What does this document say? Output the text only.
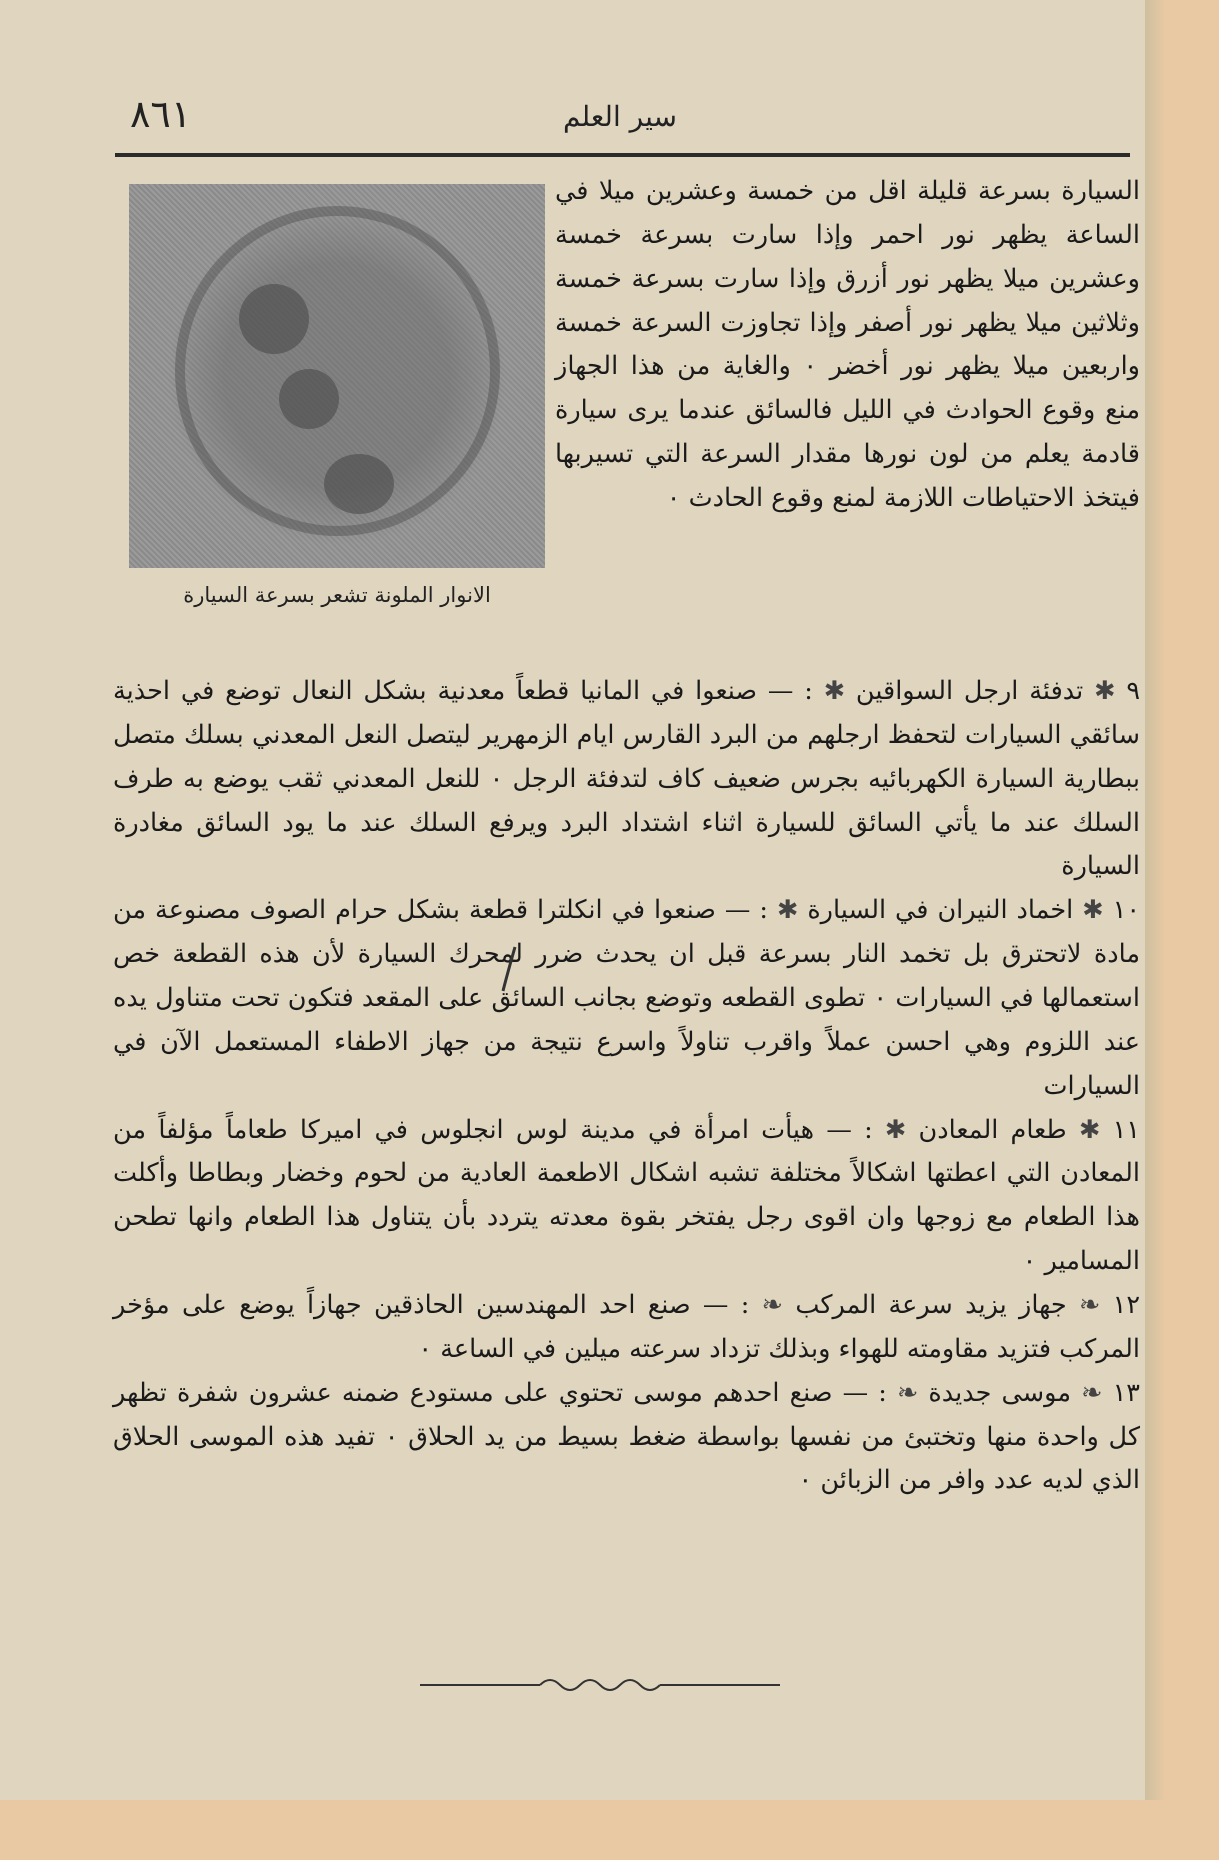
٨٦١	سير العلم
الانوار الملونة تشعر بسرعة السيارة

السيارة بسرعة قليلة اقل من خمسة وعشرين ميلا في الساعة يظهر نور احمر وإذا سارت بسرعة خمسة وعشرين ميلا يظهر نور أزرق وإذا سارت بسرعة خمسة وثلاثين ميلا يظهر نور أصفر وإذا تجاوزت السرعة خمسة واربعين ميلا يظهر نور أخضر ٠ والغاية من هذا الجهاز منع وقوع الحوادث في الليل فالسائق عندما يرى سيارة قادمة يعلم من لون نورها مقدار السرعة التي تسيربها فيتخذ الاحتياطات اللازمة لمنع وقوع الحادث ٠

٩ ✱ تدفئة ارجل السواقين ✱ : — صنعوا في المانيا قطعاً معدنية بشكل النعال توضع في احذية سائقي السيارات لتحفظ ارجلهم من البرد القارس ايام الزمهرير ليتصل النعل المعدني بسلك متصل ببطارية السيارة الكهربائيه بجرس ضعيف كاف لتدفئة الرجل ٠ للنعل المعدني ثقب يوضع به طرف السلك عند ما يأتي السائق للسيارة اثناء اشتداد البرد ويرفع السلك عند ما يود السائق مغادرة السيارة

١٠ ✱ اخماد النيران في السيارة ✱ : — صنعوا في انكلترا قطعة بشكل حرام الصوف مصنوعة من مادة لاتحترق بل تخمد النار بسرعة قبل ان يحدث ضرر لمحرك السيارة لأن هذه القطعة خص استعمالها في السيارات ٠ تطوى القطعه وتوضع بجانب السائق على المقعد فتكون تحت متناول يده عند اللزوم وهي احسن عملاً واقرب تناولاً واسرع نتيجة من جهاز الاطفاء المستعمل الآن في السيارات

١١ ✱ طعام المعادن ✱ : — هيأت امرأة في مدينة لوس انجلوس في اميركا طعاماً مؤلفاً من المعادن التي اعطتها اشكالاً مختلفة تشبه اشكال الاطعمة العادية من لحوم وخضار وبطاطا وأكلت هذا الطعام مع زوجها وان اقوى رجل يفتخر بقوة معدته يتردد بأن يتناول هذا الطعام وانها تطحن المسامير ٠

١٢ ❧ جهاز يزيد سرعة المركب ❧ : — صنع احد المهندسين الحاذقين جهازاً يوضع على مؤخر المركب فتزيد مقاومته للهواء وبذلك تزداد سرعته ميلين في الساعة ٠

١٣ ❧ موسى جديدة ❧ : — صنع احدهم موسى تحتوي على مستودع ضمنه عشرون شفرة تظهر كل واحدة منها وتختبئ من نفسها بواسطة ضغط بسيط من يد الحلاق ٠ تفيد هذه الموسى الحلاق الذي لديه عدد وافر من الزبائن ٠
